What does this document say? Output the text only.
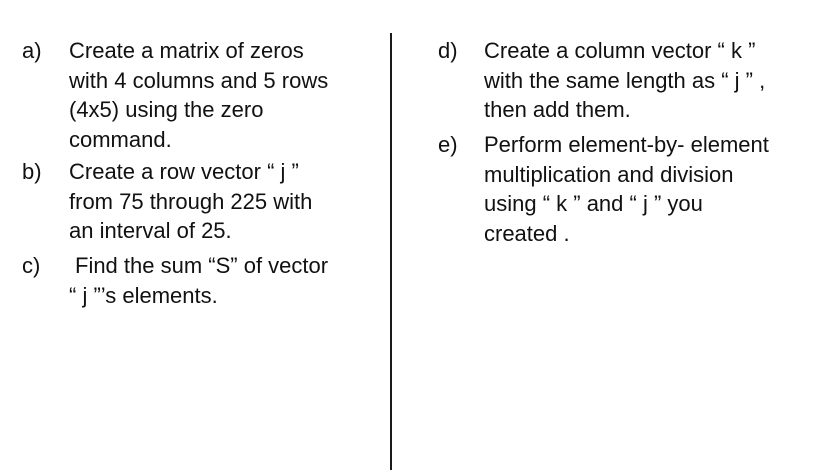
a) Create a matrix of zeros
with 4 columns and 5 rows
(4x5) using the zero
command.
b) Create a row vector “ j ”
from 75 through 225 with
an interval of 25.
c) Find the sum “S” of vector
“ j ”’s elements.
d) Create a column vector “ k ”
with the same length as “ j ” ,
then add them.
e) Perform element-by- element
multiplication and division
using “ k ” and “ j ” you
created .
